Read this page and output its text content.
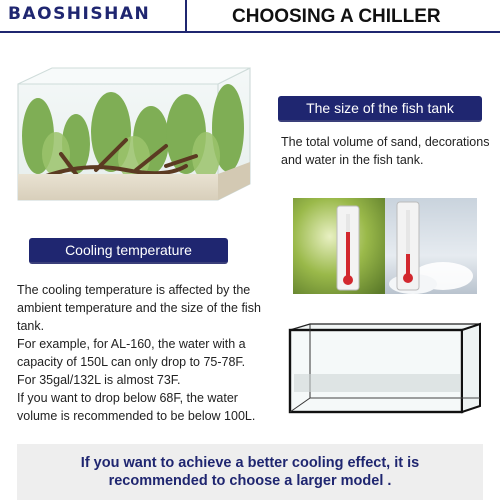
BAOSHISHAN	CHOOSING A CHILLER
The size of the fish tank
The total volume of sand, decorations and water in the fish tank.
Cooling temperature
The cooling temperature is affected by the ambient temperature and the size of the fish tank.
For example, for AL-160, the water with a capacity of 150L can only drop to 75-78F.
For 35gal/132L is almost 73F.
If you want to drop below 68F, the water volume is recommended to be below 100L.
If you want to achieve a better cooling effect, it is
recommended to choose a larger model .
